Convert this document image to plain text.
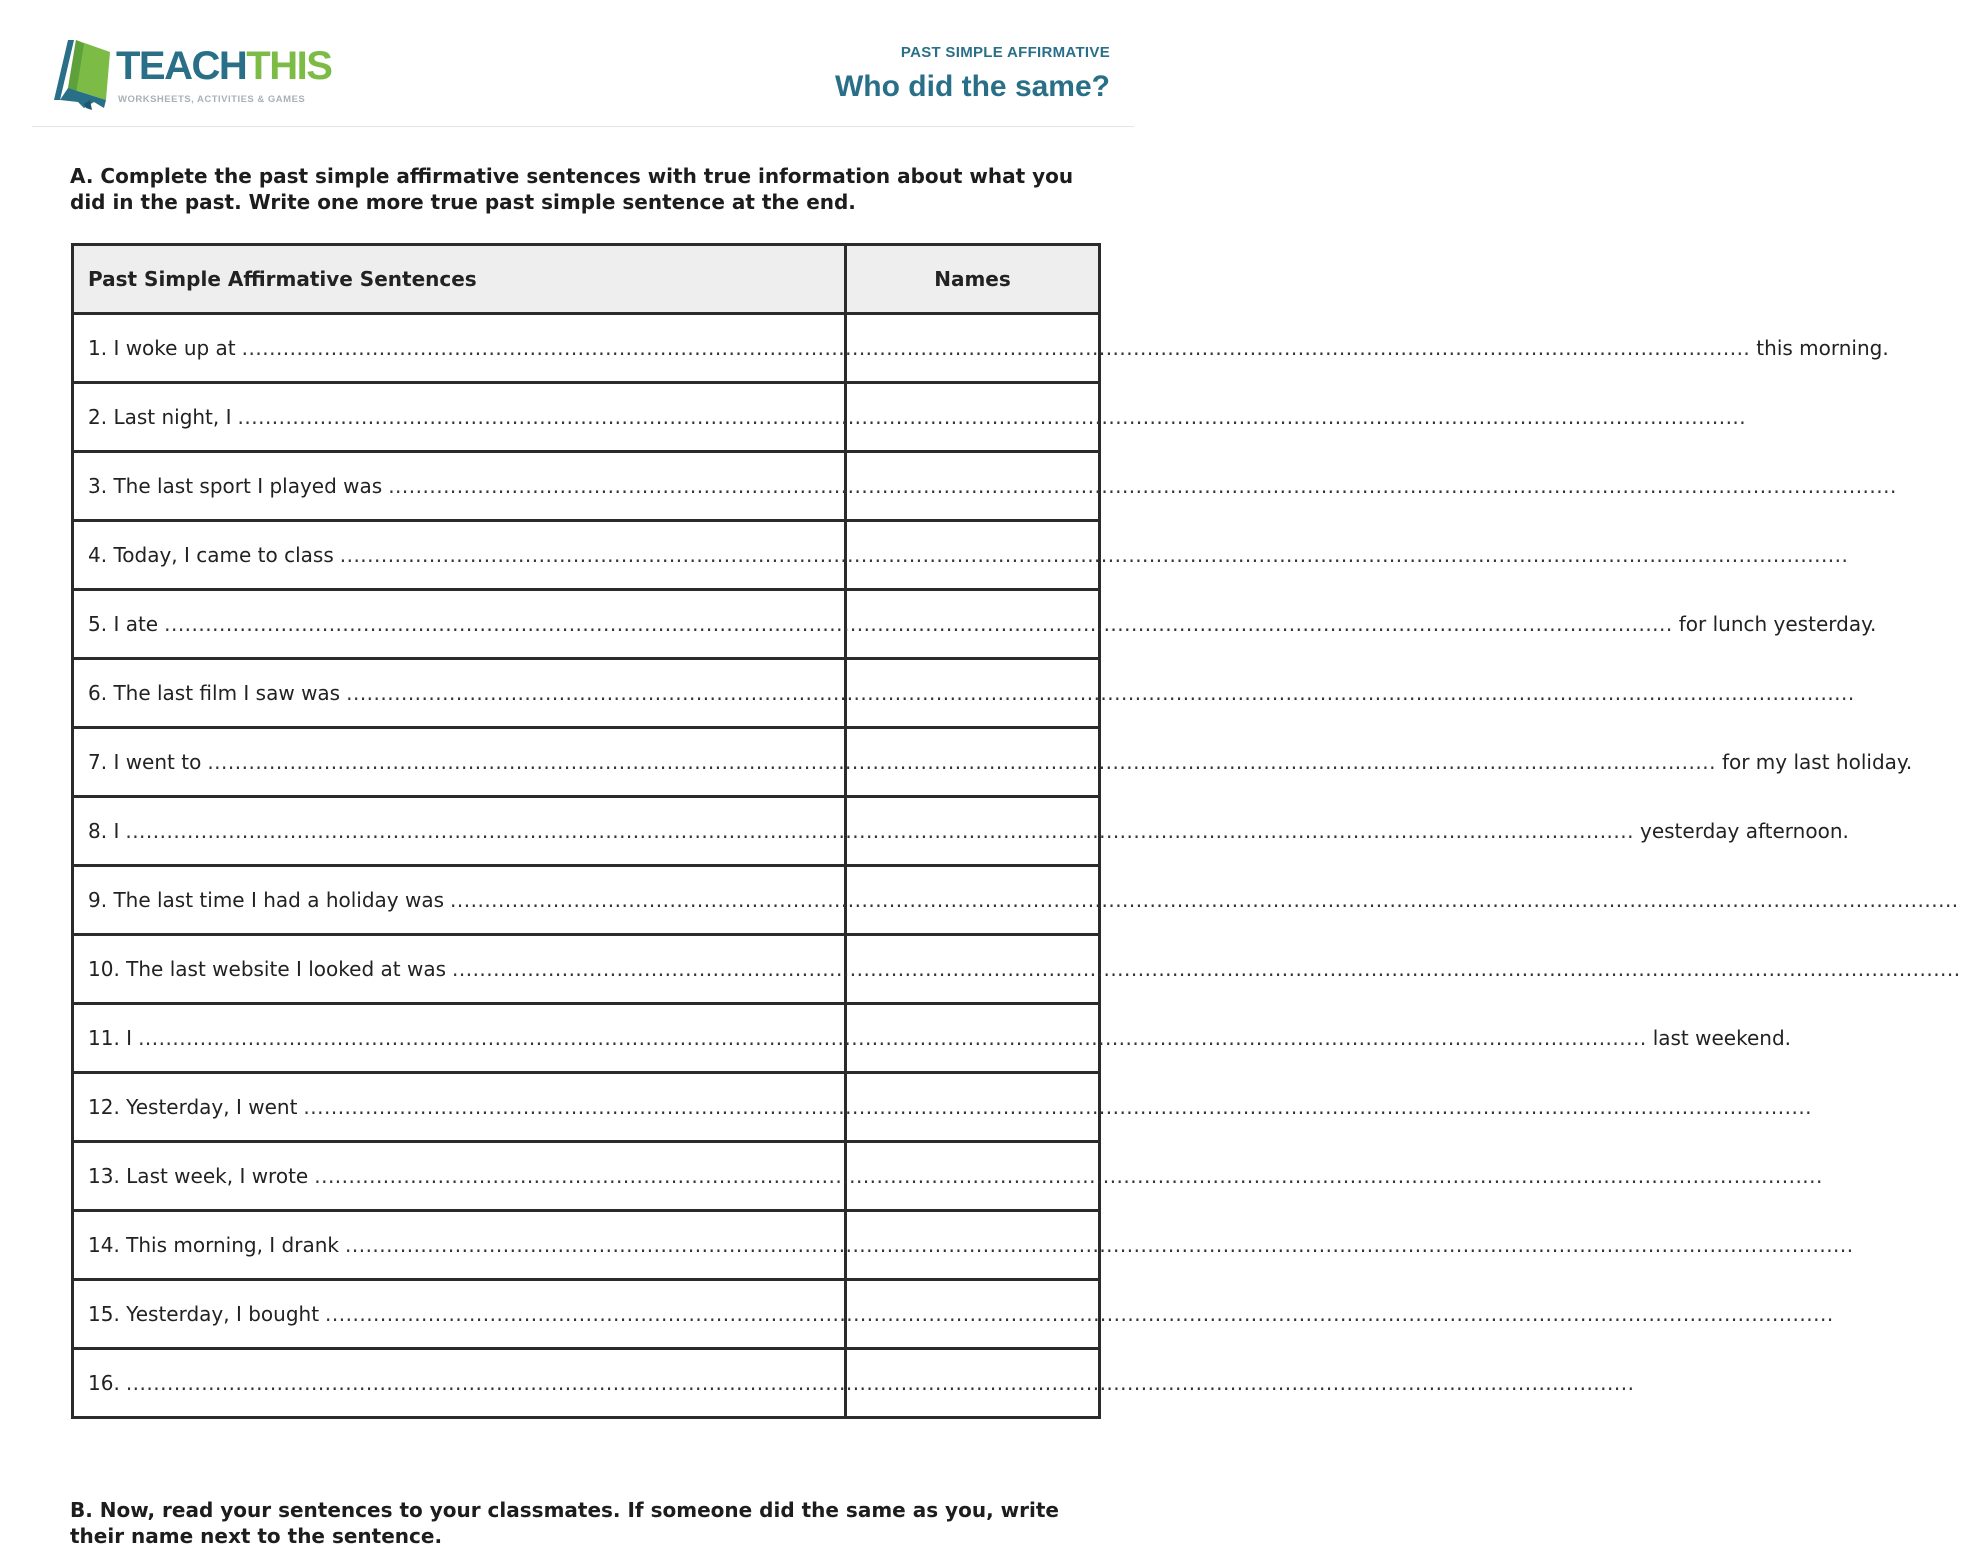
TEACHTHIS
WORKSHEETS, ACTIVITIES & GAMES
PAST SIMPLE AFFIRMATIVE
Who did the same?
A. Complete the past simple affirmative sentences with true information about what you did in the past. Write one more true past simple sentence at the end.
Past Simple Affirmative Sentences	Names

1. I woke up at ............................................................................................................................................................................................................................ this morning.	

2. Last night, I ............................................................................................................................................................................................................................	

3. The last sport I played was ............................................................................................................................................................................................................................	

4. Today, I came to class ............................................................................................................................................................................................................................	

5. I ate ............................................................................................................................................................................................................................ for lunch yesterday.	

6. The last film I saw was ............................................................................................................................................................................................................................	

7. I went to ............................................................................................................................................................................................................................ for my last holiday.	

8. I ............................................................................................................................................................................................................................ yesterday afternoon.	

9. The last time I had a holiday was ............................................................................................................................................................................................................................	

10. The last website I looked at was ............................................................................................................................................................................................................................	

11. I ............................................................................................................................................................................................................................ last weekend.	

12. Yesterday, I went ............................................................................................................................................................................................................................	

13. Last week, I wrote ............................................................................................................................................................................................................................	

14. This morning, I drank ............................................................................................................................................................................................................................	

15. Yesterday, I bought ............................................................................................................................................................................................................................	

16. ............................................................................................................................................................................................................................	

B. Now, read your sentences to your classmates. If someone did the same as you, write their name next to the sentence.
